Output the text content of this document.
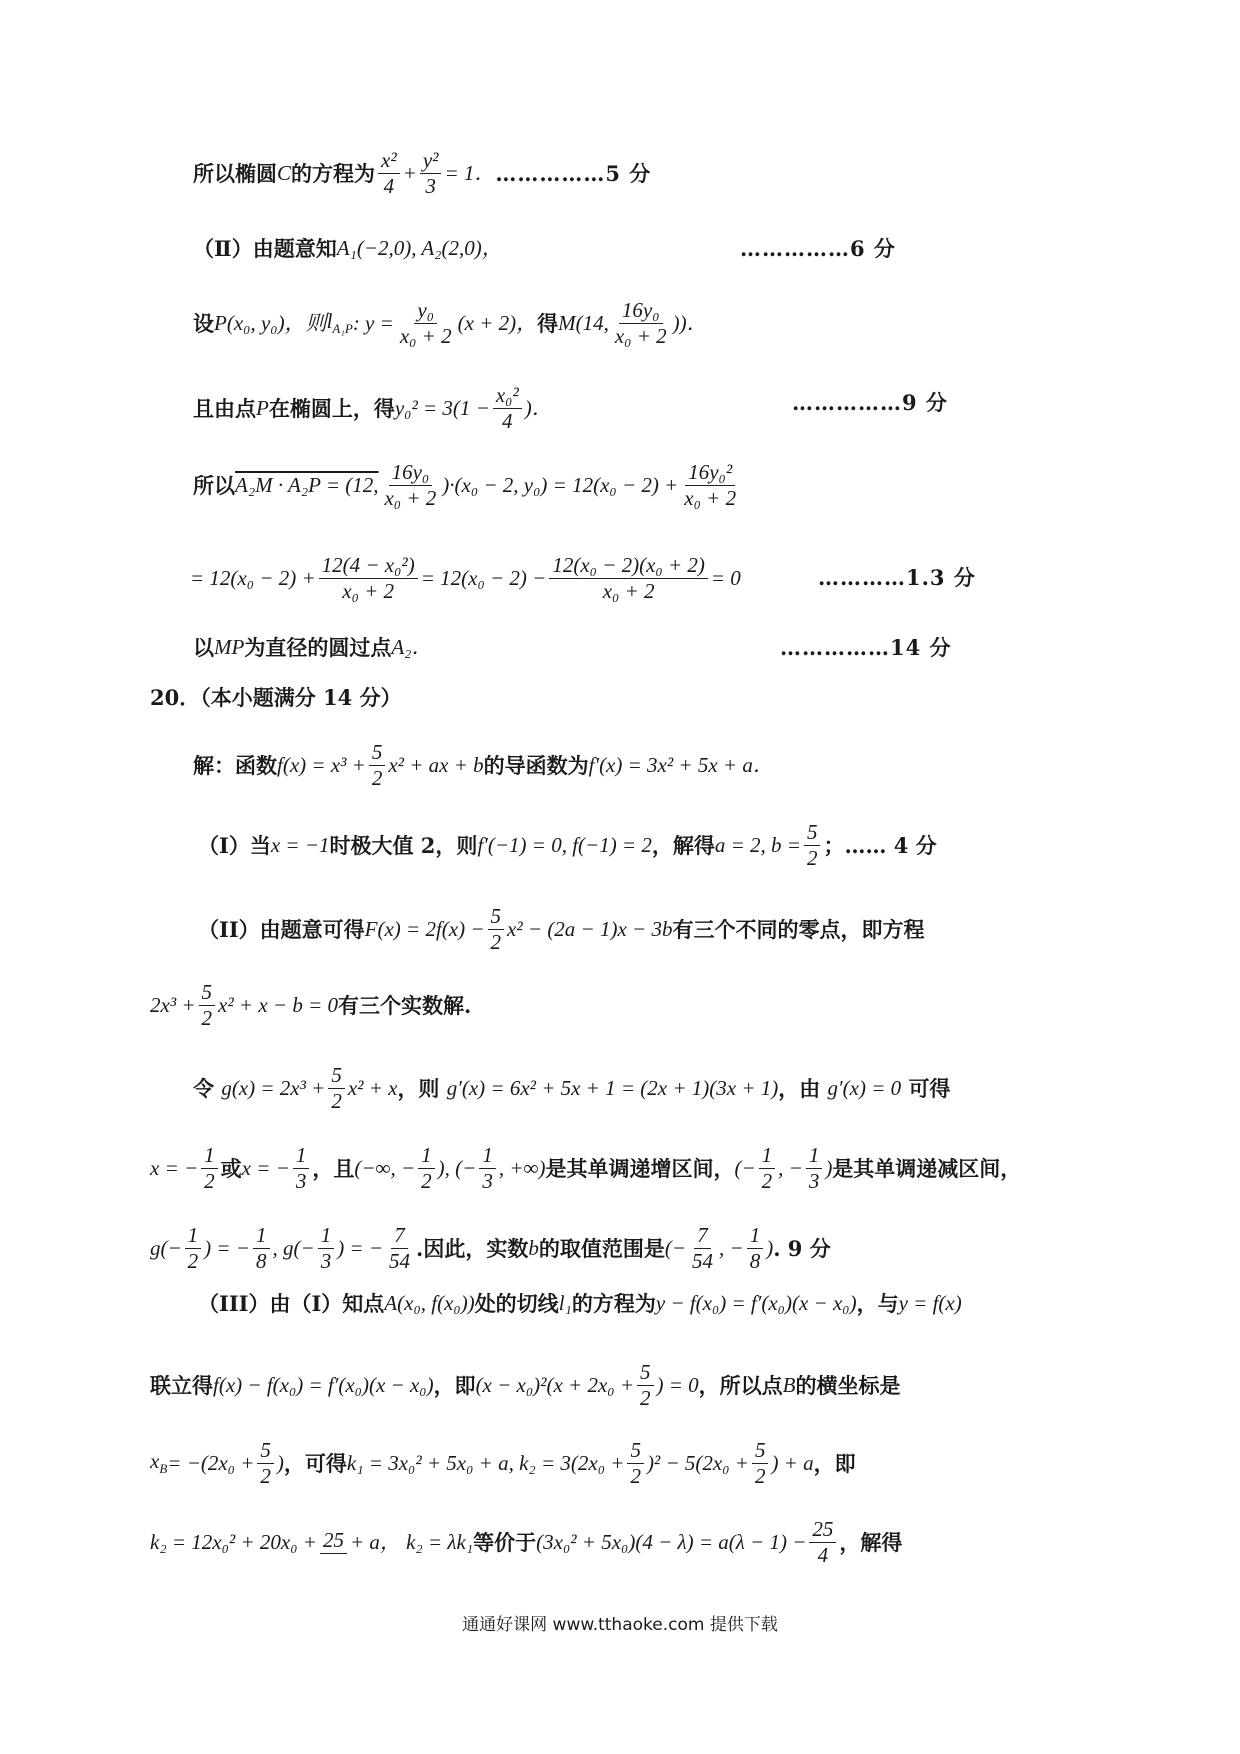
所以椭圆 C 的方程为 $\frac{\text{x²}}{4} + \frac{\text{y²}}{3} = 1$． ……………5 分
（Ⅱ）由题意知 A₁(−2,0), A₂(2,0)，	……………6 分
设 P(x₀, y₀)，则 $l_{A_1P}$ : $y = \frac{\text{y₀}}{\text{x₀ + 2}} (x + 2)$， 得 M(14, $\frac{\text{16y₀}}{\text{x₀ + 2}}$ ))．
且由点 P 在椭圆上，得 $y_0^2 = 3(1 - \frac{\text{x₀²}}{4}$ )．	……………9 分
所以 A₂M · A₂P = (12, $\frac{\text{16y₀}}{\text{x₀ + 2}} )\cdot(x_0 - 2$, $y_0) = 12(x_0 - 2) + \frac{\text{16y₀²}}{\text{x₀ + 2}}$
= $12(x_0 - 2) + \frac{\text{12(4 − x₀²)}}{\text{x₀ + 2}} = 12(x_0 - 2) - \frac{\text{12(x₀ − 2)(x₀ + 2)}}{\text{x₀ + 2}} = 0$	…………1.3 分
以 MP 为直径的圆过点 A₂．	……………14 分
20．（本小题满分 14 分）
解：函数 $f(x) = x^3 + \frac{5}{2} x^2$ + ax + b 的导函数为 f′(x) = 3x² + 5x + a．
（I）当 x = −1 时极大值 2，则 f′(−1) = 0, f(−1) = 2 ，解得 a = 2, $b = \frac{5}{2}$ ；…… 4 分
（II）由题意可得 $F(x) = 2f(x) - \frac{5}{2} x^2 - (2a - 1)x - 3b$ 有三个不同的零点，即方程
$2x^3 + \frac{5}{2} x^2 + x - b = 0$ 有三个实数解.
令
$g(x) = 2x^3 + \frac{5}{2} x^2 + x$ ，则
g′(x) = 6x² + 5x + 1 = (2x + 1)(3x + 1) ，由
g′(x) = 0
可得
x = − $\frac{1}{2}$ 或 x = − $\frac{1}{3}$ ，且 (−∞, − $\frac{1}{2}$ ), (− $\frac{1}{3}$ , +∞) 是其单调递增区间， (− $\frac{1}{2}$ , − $\frac{1}{3}$ ) 是其单调递减区间，
$g(- \frac{1}{2}$ ) = − $\frac{1}{8}$ , $g(- \frac{1}{3}$ ) = − $\frac{7}{54}$ .因此，实数 b 的取值范围是 (− $\frac{7}{54}$ , − $\frac{1}{8}$ ) . 9 分
（III）由（I）知点 A(x₀, f(x₀)) 处的切线 l₁ 的方程为 y − f(x₀) = f′(x₀)(x − x₀) ，与 y = f(x)
联立得 f(x) − f(x₀) = f′(x₀)(x − x₀) ，即 $(x - x_0)^2(x + 2x_0 + \frac{5}{2}$ ) = 0 ，所以点 B 的横坐标是
$x_B = -(2x_0 + \frac{5}{2}$ ) ，可得 k₁ = 3x₀² + 5x₀ + a, $k_2 = 3(2x_0 + \frac{5}{2} )^2 - 5(2x_0 + \frac{5}{2}$ ) + a ，即
k₂ = 12x₀² + 20x₀ + 25 + a ， k₂ = λk₁ 等价于 $(3x_0^2 + 5x_0)(4 - \lambda) = a(\lambda - 1) - \frac{25}{4}$ ，解得
通通好课网 www.tthaoke.com 提供下载
